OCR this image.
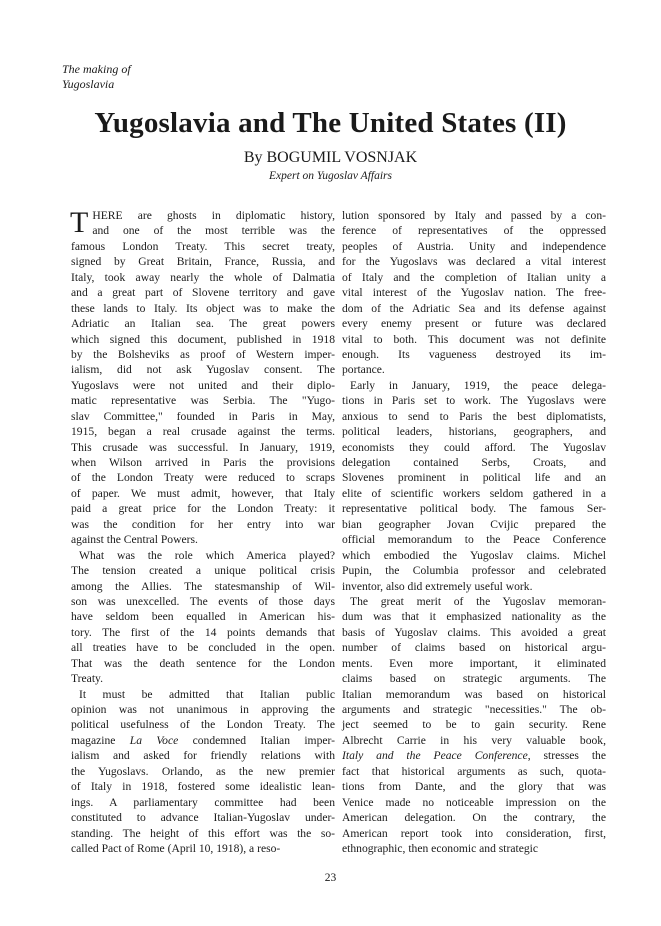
The making of
Yugoslavia
Yugoslavia and The United States (II)
By BOGUMIL VOSNJAK
Expert on Yugoslav Affairs
THERE are ghosts in diplomatic history,
and one of the most terrible was the
famous London Treaty. This secret treaty,
signed by Great Britain, France, Russia, and
Italy, took away nearly the whole of Dalmatia
and a great part of Slovene territory and gave
these lands to Italy. Its object was to make the
Adriatic an Italian sea. The great powers
which signed this document, published in 1918
by the Bolsheviks as proof of Western imper-
ialism, did not ask Yugoslav consent. The
Yugoslavs were not united and their diplo-
matic representative was Serbia. The "Yugo-
slav Committee," founded in Paris in May,
1915, began a real crusade against the terms.
This crusade was successful. In January, 1919,
when Wilson arrived in Paris the provisions
of the London Treaty were reduced to scraps
of paper. We must admit, however, that Italy
paid a great price for the London Treaty: it
was the condition for her entry into war
against the Central Powers.
What was the role which America played?
The tension created a unique political crisis
among the Allies. The statesmanship of Wil-
son was unexcelled. The events of those days
have seldom been equalled in American his-
tory. The first of the 14 points demands that
all treaties have to be concluded in the open.
That was the death sentence for the London
Treaty.
It must be admitted that Italian public
opinion was not unanimous in approving the
political usefulness of the London Treaty. The
magazine La Voce condemned Italian imper-
ialism and asked for friendly relations with
the Yugoslavs. Orlando, as the new premier
of Italy in 1918, fostered some idealistic lean-
ings. A parliamentary committee had been
constituted to advance Italian-Yugoslav under-
standing. The height of this effort was the so-
called Pact of Rome (April 10, 1918), a reso-
lution sponsored by Italy and passed by a con-
ference of representatives of the oppressed
peoples of Austria. Unity and independence
for the Yugoslavs was declared a vital interest
of Italy and the completion of Italian unity a
vital interest of the Yugoslav nation. The free-
dom of the Adriatic Sea and its defense against
every enemy present or future was declared
vital to both. This document was not definite
enough. Its vagueness destroyed its im-
portance.
Early in January, 1919, the peace delega-
tions in Paris set to work. The Yugoslavs were
anxious to send to Paris the best diplomatists,
political leaders, historians, geographers, and
economists they could afford. The Yugoslav
delegation contained Serbs, Croats, and
Slovenes prominent in political life and an
elite of scientific workers seldom gathered in a
representative political body. The famous Ser-
bian geographer Jovan Cvijic prepared the
official memorandum to the Peace Conference
which embodied the Yugoslav claims. Michel
Pupin, the Columbia professor and celebrated
inventor, also did extremely useful work.
The great merit of the Yugoslav memoran-
dum was that it emphasized nationality as the
basis of Yugoslav claims. This avoided a great
number of claims based on historical argu-
ments. Even more important, it eliminated
claims based on strategic arguments. The
Italian memorandum was based on historical
arguments and strategic "necessities." The ob-
ject seemed to be to gain security. Rene
Albrecht Carrie in his very valuable book,
Italy and the Peace Conference, stresses the
fact that historical arguments as such, quota-
tions from Dante, and the glory that was
Venice made no noticeable impression on the
American delegation. On the contrary, the
American report took into consideration, first,
ethnographic, then economic and strategic
23
